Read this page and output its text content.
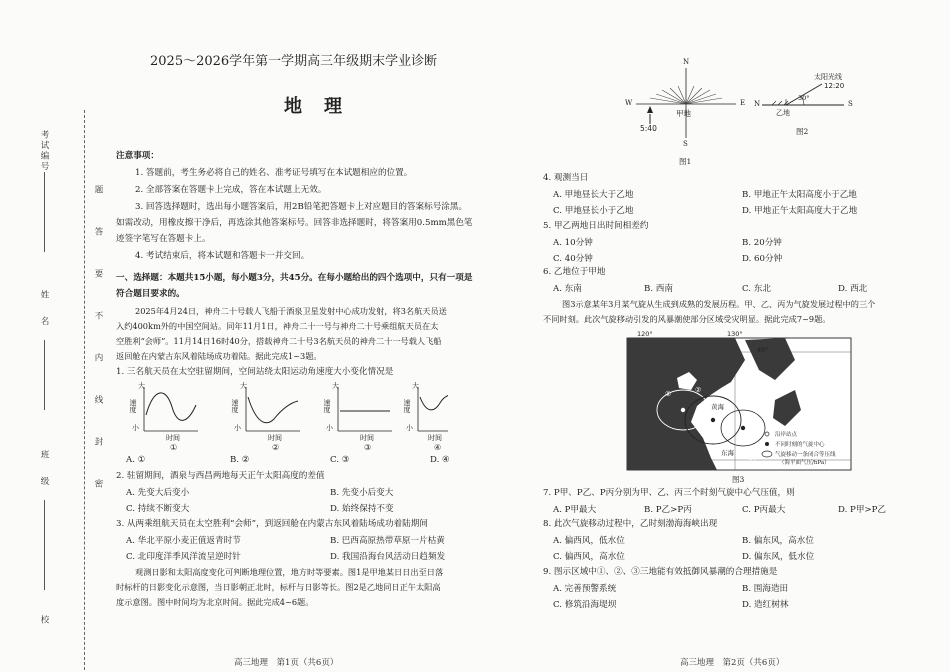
考试编号
姓名
班级
校
题
答
要
不
内
线
封
密
2025～2026学年第一学期高三年级期末学业诊断
地理
注意事项：
1. 答题前，考生务必将自己的姓名、准考证号填写在本试题相应的位置。
2. 全部答案在答题卡上完成，答在本试题上无效。
3. 回答选择题时，选出每小题答案后，用2B铅笔把答题卡上对应题目的答案标号涂黑。
如需改动，用橡皮擦干净后，再选涂其他答案标号。回答非选择题时，将答案用0.5mm黑色笔
迹签字笔写在答题卡上。
4. 考试结束后，将本试题和答题卡一并交回。
一、选择题：本题共15小题，每小题3分，共45分。在每小题给出的四个选项中，只有一项是
符合题目要求的。
2025年4月24日，神舟二十号载人飞船于酒泉卫星发射中心成功发射，将3名航天员送
入约400km外的中国空间站。同年11月1日，神舟二十一号与神舟二十号乘组航天员在太
空胜利“会师”。11月14日16时40分，搭载神舟二十号3名航天员的神舟二十一号载人飞船
返回舱在内蒙古东风着陆场成功着陆。据此完成1~3题。
1. 三名航天员在太空驻留期间，空间站绕太阳运动角速度大小变化情况是
大
速度
小
时间
①
大
速度
小
时间
②
大
速度
小
时间
③
大
速度
小
时间
④
A. ①	B. ②	C. ③	D. ④
2. 驻留期间，酒泉与西昌两地每天正午太阳高度的差值
A. 先变大后变小	B. 先变小后变大
C. 持续不断变大	D. 始终保持不变
3. 从两乘组航天员在太空胜利“会师”，到返回舱在内蒙古东风着陆场成功着陆期间
A. 华北平原小麦正值返青时节	B. 巴西高原热带草原一片枯黄
C. 北印度洋季风洋流呈逆时针	D. 我国沿海台风活动日趋频发
观测日影和太阳高度变化可判断地理位置，地方时等要素。图1是甲地某日日出至日落
时标杆的日影变化示意图，当日影朝正北时，标杆与日影等长。图2是乙地同日正午太阳高
度示意图。图中时间均为北京时间。据此完成4~6题。
高三地理　第1页（共6页）
N
S
W	E
甲地
5:40
图1
N	S
太阳光线
12:20
30°
乙地
图2
4. 观测当日
A. 甲地昼长大于乙地	B. 甲地正午太阳高度小于乙地
C. 甲地昼长小于乙地	D. 甲地正午太阳高度大于乙地
5. 甲乙两地日出时间相差约
A. 10分钟	B. 20分钟
C. 40分钟	D. 60分钟
6. 乙地位于甲地
A. 东南	B. 西南	C. 东北	D. 西北
图3示意某年3月某气旋从生成到成熟的发展历程。甲、乙、丙为气旋发展过程中的三个
不同时刻。此次气旋移动引发的风暴潮使部分区域受灾明显。据此完成7~9题。
120°	130°
40°
30°
黄海
东海
①	②
③	沿岸站点
不同时刻的气旋中心
气旋移动一条闭合等压线
（海平面气压/hPa）
图3
7. P甲、P乙、P丙分别为甲、乙、丙三个时刻气旋中心气压值，则
A. P甲最大	B. P乙>P丙	C. P丙最大	D. P甲>P乙
8. 此次气旋移动过程中，乙时刻渤海海峡出现
A. 偏西风，低水位	B. 偏东风，高水位
C. 偏西风，高水位	D. 偏东风，低水位
9. 图示区域中①、②、③三地能有效抵御风暴潮的合理措施是
A. 完善预警系统	B. 围海造田
C. 修筑沿海堤坝	D. 造红树林
高三地理　第2页（共6页）
